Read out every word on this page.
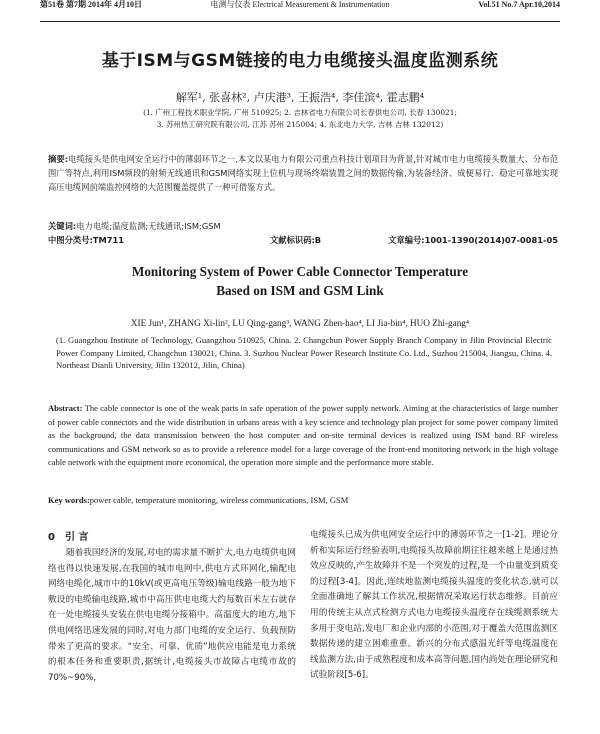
第51卷 第7期 2014年 4月10日	电测与仪表 Electrical Measurement & Instrumentation	Vol.51 No.7 Apr.10,2014
基于ISM与GSM链接的电力电缆接头温度监测系统
解军¹, 张喜林², 卢庆港³, 王振浩⁴, 李佳滨⁴, 霍志鹏⁴
(1. 广州工程技术职业学院, 广州 510925; 2. 吉林省电力有限公司长春供电公司, 长春 130021;
3. 苏州热工研究院有限公司, 江苏 苏州 215004; 4. 东北电力大学, 吉林 吉林 132012)
摘要:电缆接头是供电网安全运行中的薄弱环节之一,本文以某电力有限公司重点科技计划项目为背景,针对城市电力电缆接头数量大、分布范围广等特点,利用ISM频段的射频无线通讯和GSM网络实现上位机与现场终端装置之间的数据传输,为装备经济、成便易行、稳定可靠地实现高压电缆网前端监控网络的大范围覆盖提供了一种可借鉴方式。
关键词:电力电缆;温度监测;无线通讯;ISM;GSM
中图分类号:TM711	文献标识码:B	文章编号:1001-1390(2014)07-0081-05
Monitoring System of Power Cable Connector Temperature
Based on ISM and GSM Link
XIE Jun¹, ZHANG Xi-lin², LU Qing-gang³, WANG Zhen-hao⁴, LI Jia-bin⁴, HUO Zhi-gang⁴
(1. Guangzhou Institute of Technology, Guangzhou 510925, China. 2. Changchun Power Supply Branch Company in Jilin Provincial Electric Power Company Limited, Changchun 130021, China. 3. Suzhou Nuclear Power Research Institute Co. Ltd., Suzhou 215004, Jiangsu, China. 4. Northeast Dianli University, Jilin 132012, Jilin, China)
Abstract: The cable connector is one of the weak parts in safe operation of the power supply network. Aiming at the characteristics of large number of power cable connectors and the wide distribution in urbans areas with a key science and technology plan project for some power company limited as the background, the data transmission between the host computer and on-site terminal devices is realized using ISM band RF wireless communications and GSM network so as to provide a reference model for a large coverage of the front-end monitoring network in the high voltage cable network with the equipment more economical, the operation more simple and the performance more stable.
Key words:power cable, temperature monitoring, wireless communications, ISM, GSM
0 引 言
随着我国经济的发展,对电的需求量不断扩大,电力电缆供电网络也得以快速发展,在我国的城市电网中,供电方式环网化,输配电网络电缆化,城市中的10kV(或更高电压等级)输电线路一般为地下敷设的电缆输电线路,城市中高压供电电缆大约每数百米左右就存在一处电缆接头安装在供电电缆分接箱中。高温度大的地方,地下供电网络迅速发展的同时,对电力部门电缆的安全运行、负载预防带来了更高的要求。“安全、可靠、优质”地供应电能是电力系统的根本任务和重要职责,据统计,电缆接头市故障占电缆市故的70%~90%,
电缆接头已成为供电网安全运行中的薄弱环节之一[1-2]。理论分析和实际运行经验表明,电缆接头故障前期往往越来越上是通过热效应反映的,产生故障并不是一个突发的过程,是一个由量变到质变的过程[3-4]。因此,连续地监测电缆接头温度的变化状态,就可以全面准确地了解其工作状况,根据情况采取运行状态维修。目前应用的传统主从点式检测方式电力电缆接头温度存在线缆测系统大多用于变电站,发电厂和企业内部的小范围,对于覆盖大范围监测区数据传递的建立困难重重。新兴的分布式感温光纤等电缆温度在线监测方法,由于成熟程度和成本高等问题,国内尚处在理论研究和试验阶段[5-6]。
